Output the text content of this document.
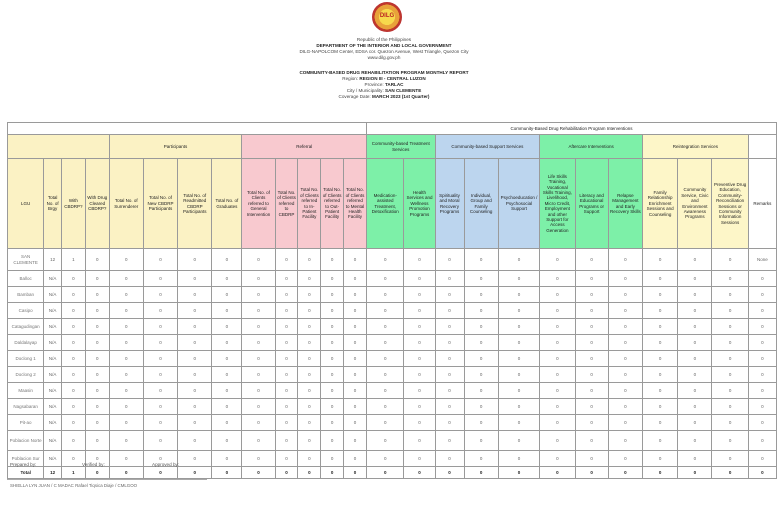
DILG
Republic of the Philippines
DEPARTMENT OF THE INTERIOR AND LOCAL GOVERNMENT
DILG-NAPOLCOM Center, EDSA cor. Quezon Avenue, West Triangle, Quezon City
www.dilg.gov.ph
COMMUNITY-BASED DRUG REHABILITATION PROGRAM MONTHLY REPORT
Region: REGION III - CENTRAL LUZON
Province: TARLAC
City / Municipality: SAN CLEMENTE
Coverage Date: MARCH 2023 (1st Quarter)
													Community-Based Drug Rehabilitation Program Interventions											
				Participants				Referral					Community-based Treatment Services		Community-based Support Services			Aftercare Interventions			Reintegration Services			
LGU	Total No. of Brgy	With CBDRP?	With Drug Cleared CBDRP?	Total No. of Surrenderer	Total No. of New CBDRP Participants	Total No. of Readmitted CBDRP Participants	Total No. of Graduates	Total No. of Clients referred to General Intervention	Total No. of Clients referred to CBDRP	Total No. of Clients referred to In-Patient Facility	Total No. of Clients referred to Out-Patient Facility	Total No. of Clients referred to Mental Health Facility	Medication-assisted Treatment, Detoxification	Health Services and Wellness Promotion Programs	Spirituality and Moral Recovery Programs	Individual, Group and Family Counseling	Psychoeducation / Psychosocial Support	Life Skills Training, Vocational Skills Training, Livelihood, Micro Credit, Employment and other Support for Access Generation	Literacy and Educational Programs or Support	Relapse Management and Early Recovery Skills	Family Relationship Enrichment Sessions and Counseling	Community Service, Civic and Environment Awareness Programs	Preventive Drug Education, Community-Reconciliation Sessions or Community Information Sessions	Remarks
SAN CLEMENTE	12	1	0	0	0	0	0	0	0	0	0	0	0	0	0	0	0	0	0	0	0	0	0	None
Balloc	N/A	0	0	0	0	0	0	0	0	0	0	0	0	0	0	0	0	0	0	0	0	0	0	0
Bamban	N/A	0	0	0	0	0	0	0	0	0	0	0	0	0	0	0	0	0	0	0	0	0	0	0
Casipo	N/A	0	0	0	0	0	0	0	0	0	0	0	0	0	0	0	0	0	0	0	0	0	0	0
Catagudingan	N/A	0	0	0	0	0	0	0	0	0	0	0	0	0	0	0	0	0	0	0	0	0	0	0
Daldalayap	N/A	0	0	0	0	0	0	0	0	0	0	0	0	0	0	0	0	0	0	0	0	0	0	0
Doclong 1	N/A	0	0	0	0	0	0	0	0	0	0	0	0	0	0	0	0	0	0	0	0	0	0	0
Doclong 2	N/A	0	0	0	0	0	0	0	0	0	0	0	0	0	0	0	0	0	0	0	0	0	0	0
Maasin	N/A	0	0	0	0	0	0	0	0	0	0	0	0	0	0	0	0	0	0	0	0	0	0	0
Nagsabaran	N/A	0	0	0	0	0	0	0	0	0	0	0	0	0	0	0	0	0	0	0	0	0	0	0
Pit-ao	N/A	0	0	0	0	0	0	0	0	0	0	0	0	0	0	0	0	0	0	0	0	0	0	0
Poblacion Norte	N/A	0	0	0	0	0	0	0	0	0	0	0	0	0	0	0	0	0	0	0	0	0	0	0
Poblacion Sur	N/A	0	0	0	0	0	0	0	0	0	0	0	0	0	0	0	0	0	0	0	0	0	0	0
Total	12	1	0	0	0	0	0	0	0	0	0	0	0	0	0	0	0	0	0	0	0	0	0	0
Prepared by:	Verified by:	Approved by:
SHIELLA LYN JUAN / C MADAC Rafael Tiqsica Diaje / CMLGOO
